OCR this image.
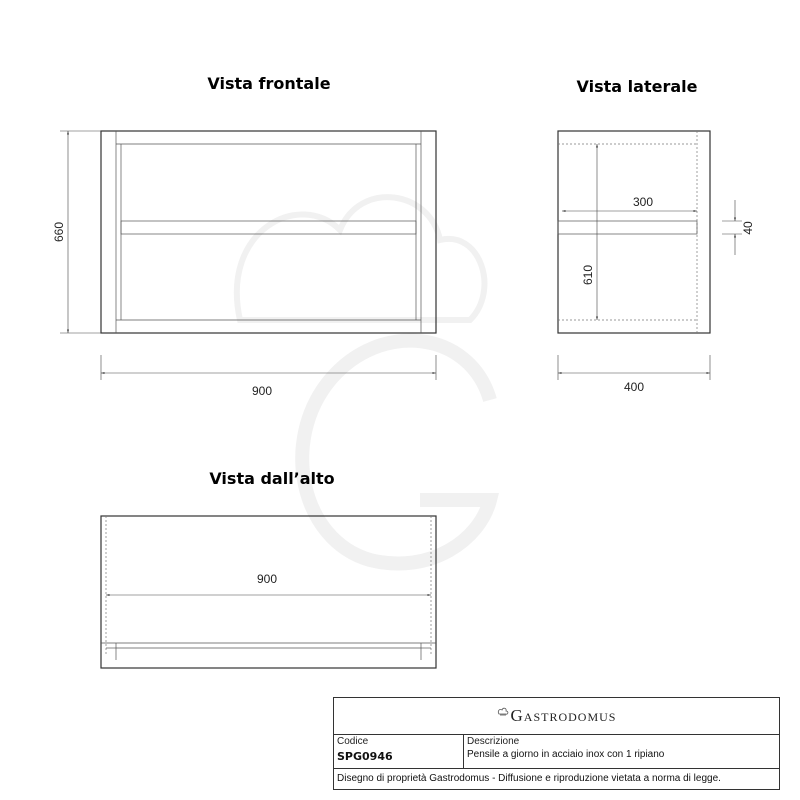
Vista frontale
660
900
Vista laterale
300
610
40
400
Vista dall’alto
900
Gastrodomus
Codice
SPG0946
Descrizione
Pensile a giorno in acciaio inox con 1 ripiano
Disegno di proprietà Gastrodomus - Diffusione e riproduzione vietata a norma di legge.
